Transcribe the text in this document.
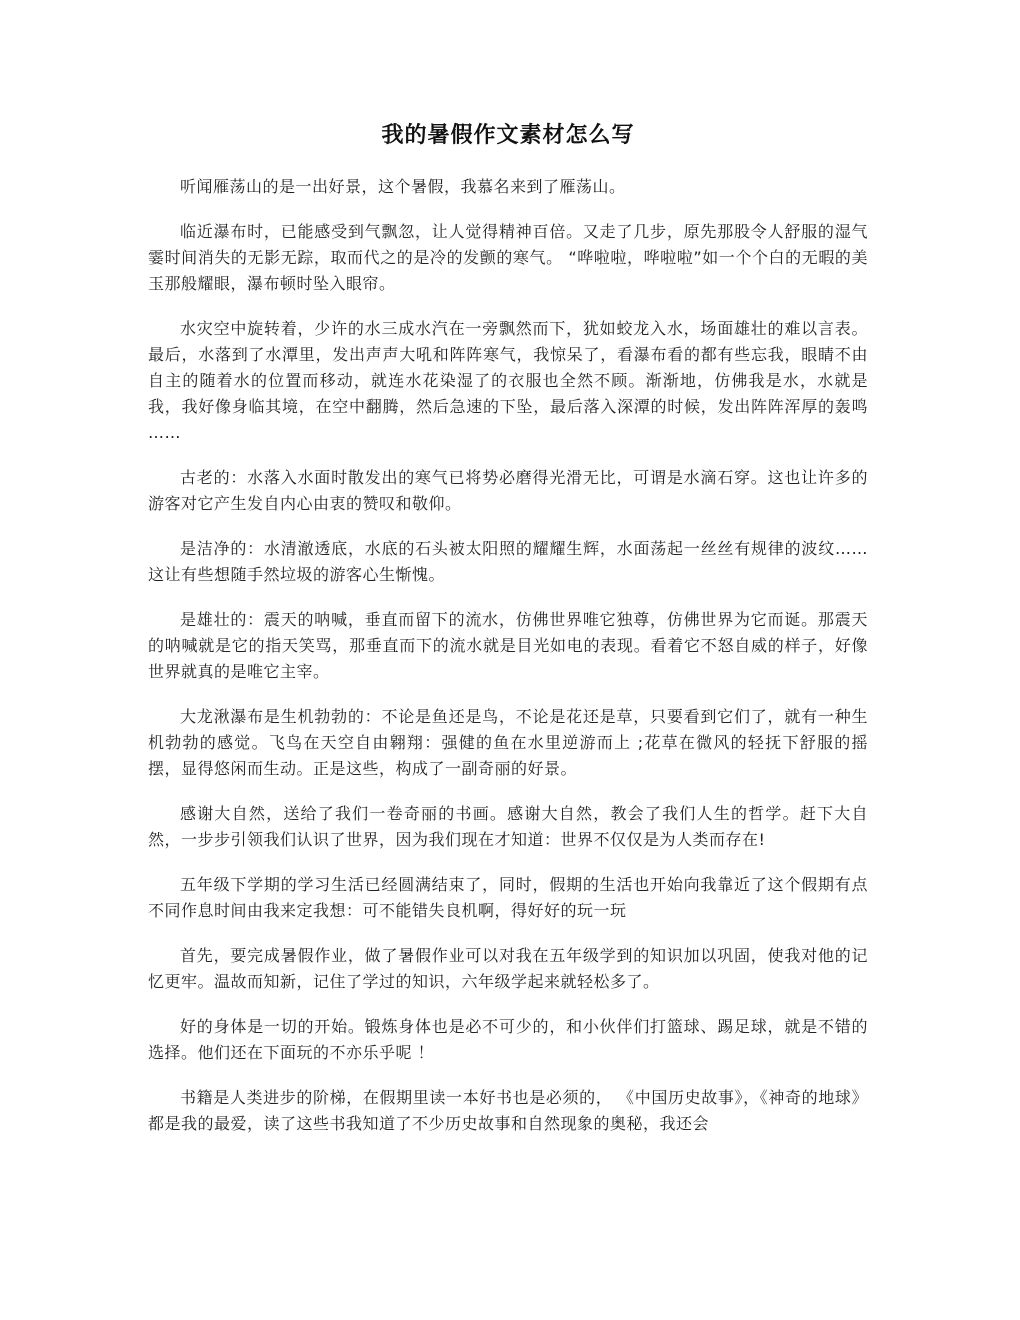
我的暑假作文素材怎么写

听闻雁荡山的是一出好景，这个暑假，我慕名来到了雁荡山。

临近瀑布时，已能感受到气飘忽，让人觉得精神百倍。又走了几步，原先那股令人舒服的湿气霎时间消失的无影无踪，取而代之的是冷的发颤的寒气。 “哗啦啦，哗啦啦”如一个个白的无暇的美玉那般耀眼，瀑布顿时坠入眼帘。

水灾空中旋转着，少许的水三成水汽在一旁飘然而下，犹如蛟龙入水，场面雄壮的难以言表。最后，水落到了水潭里，发出声声大吼和阵阵寒气，我惊呆了，看瀑布看的都有些忘我，眼睛不由自主的随着水的位置而移动，就连水花染湿了的衣服也全然不顾。渐渐地，仿佛我是水，水就是我，我好像身临其境，在空中翻腾，然后急速的下坠，最后落入深潭的时候，发出阵阵浑厚的轰鸣 ……

古老的：水落入水面时散发出的寒气已将势必磨得光滑无比，可谓是水滴石穿。这也让许多的游客对它产生发自内心由衷的赞叹和敬仰。

是洁净的：水清澈透底，水底的石头被太阳照的耀耀生辉，水面荡起一丝丝有规律的波纹……这让有些想随手然垃圾的游客心生惭愧。

是雄壮的：震天的呐喊，垂直而留下的流水，仿佛世界唯它独尊，仿佛世界为它而诞。那震天的呐喊就是它的指天笑骂，那垂直而下的流水就是目光如电的表现。看着它不怒自威的样子，好像世界就真的是唯它主宰。

大龙湫瀑布是生机勃勃的：不论是鱼还是鸟，不论是花还是草，只要看到它们了，就有一种生机勃勃的感觉。飞鸟在天空自由翱翔：强健的鱼在水里逆游而上 ;花草在微风的轻抚下舒服的摇摆，显得悠闲而生动。正是这些，构成了一副奇丽的好景。

感谢大自然，送给了我们一卷奇丽的书画。感谢大自然，教会了我们人生的哲学。赶下大自然，一步步引领我们认识了世界，因为我们现在才知道：世界不仅仅是为人类而存在!

五年级下学期的学习生活已经圆满结束了，同时，假期的生活也开始向我靠近了这个假期有点不同作息时间由我来定我想：可不能错失良机啊，得好好的玩一玩

首先，要完成暑假作业，做了暑假作业可以对我在五年级学到的知识加以巩固，使我对他的记忆更牢。温故而知新，记住了学过的知识，六年级学起来就轻松多了。

好的身体是一切的开始。锻炼身体也是必不可少的，和小伙伴们打篮球、踢足球，就是不错的选择。他们还在下面玩的不亦乐乎呢 ！

书籍是人类进步的阶梯，在假期里读一本好书也是必须的， 《中国历史故事》，《神奇的地球》都是我的最爱，读了这些书我知道了不少历史故事和自然现象的奥秘，我还会
